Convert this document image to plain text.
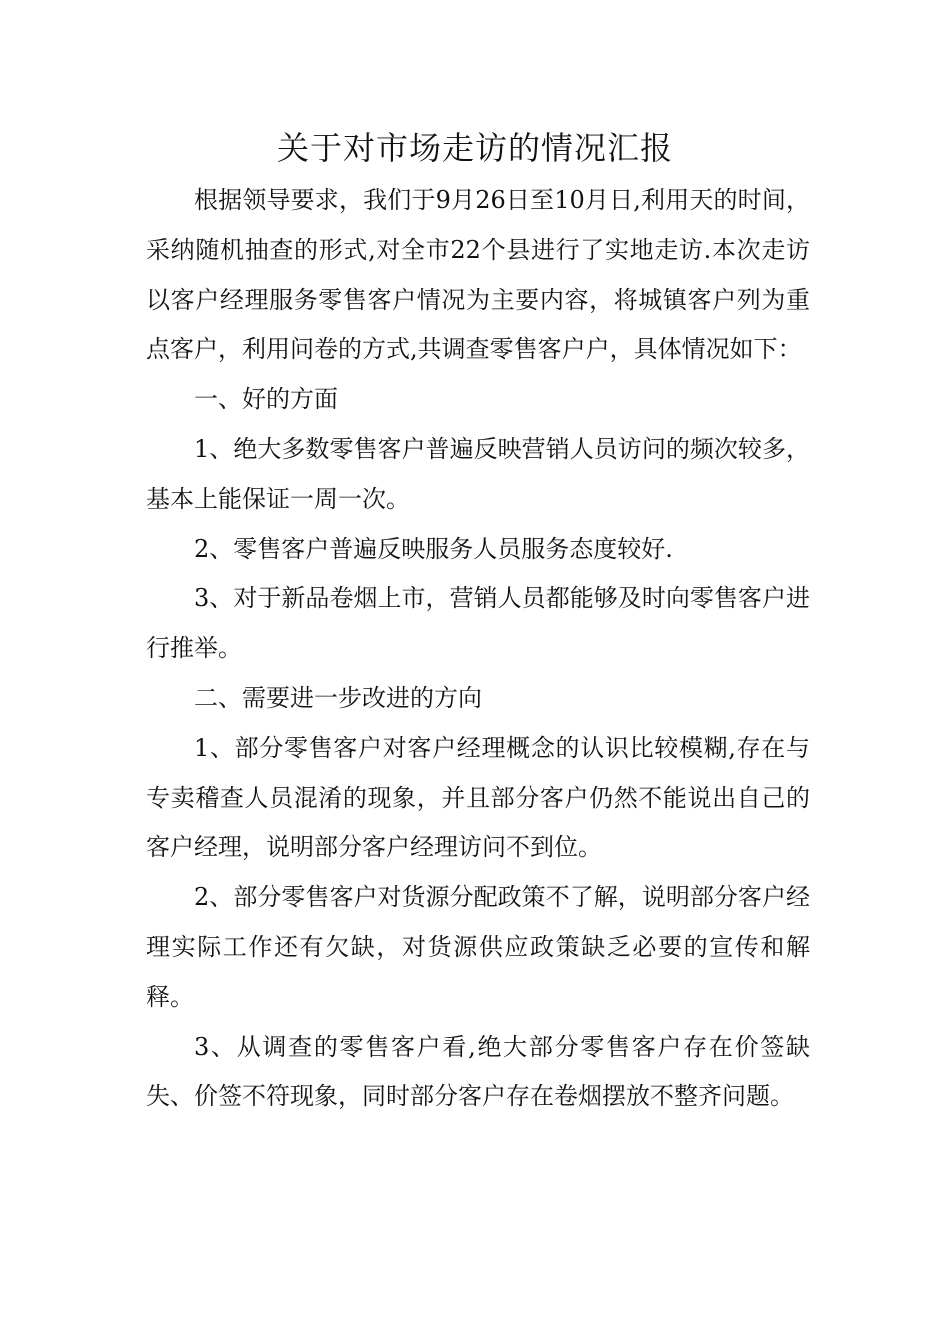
关于对市场走访的情况汇报

根据领导要求，我们于9月26日至10月日,利用天的时间，采纳随机抽查的形式,对全市22个县进行了实地走访.本次走访以客户经理服务零售客户情况为主要内容，将城镇客户列为重点客户，利用问卷的方式,共调查零售客户户，具体情况如下：

一、好的方面

1、绝大多数零售客户普遍反映营销人员访问的频次较多，基本上能保证一周一次。

2、零售客户普遍反映服务人员服务态度较好.

3、对于新品卷烟上市，营销人员都能够及时向零售客户进行推举。

二、需要进一步改进的方向

1、部分零售客户对客户经理概念的认识比较模糊,存在与专卖稽查人员混淆的现象，并且部分客户仍然不能说出自己的客户经理，说明部分客户经理访问不到位。

2、部分零售客户对货源分配政策不了解，说明部分客户经理实际工作还有欠缺，对货源供应政策缺乏必要的宣传和解释。

3、从调查的零售客户看,绝大部分零售客户存在价签缺失、价签不符现象，同时部分客户存在卷烟摆放不整齐问题。
